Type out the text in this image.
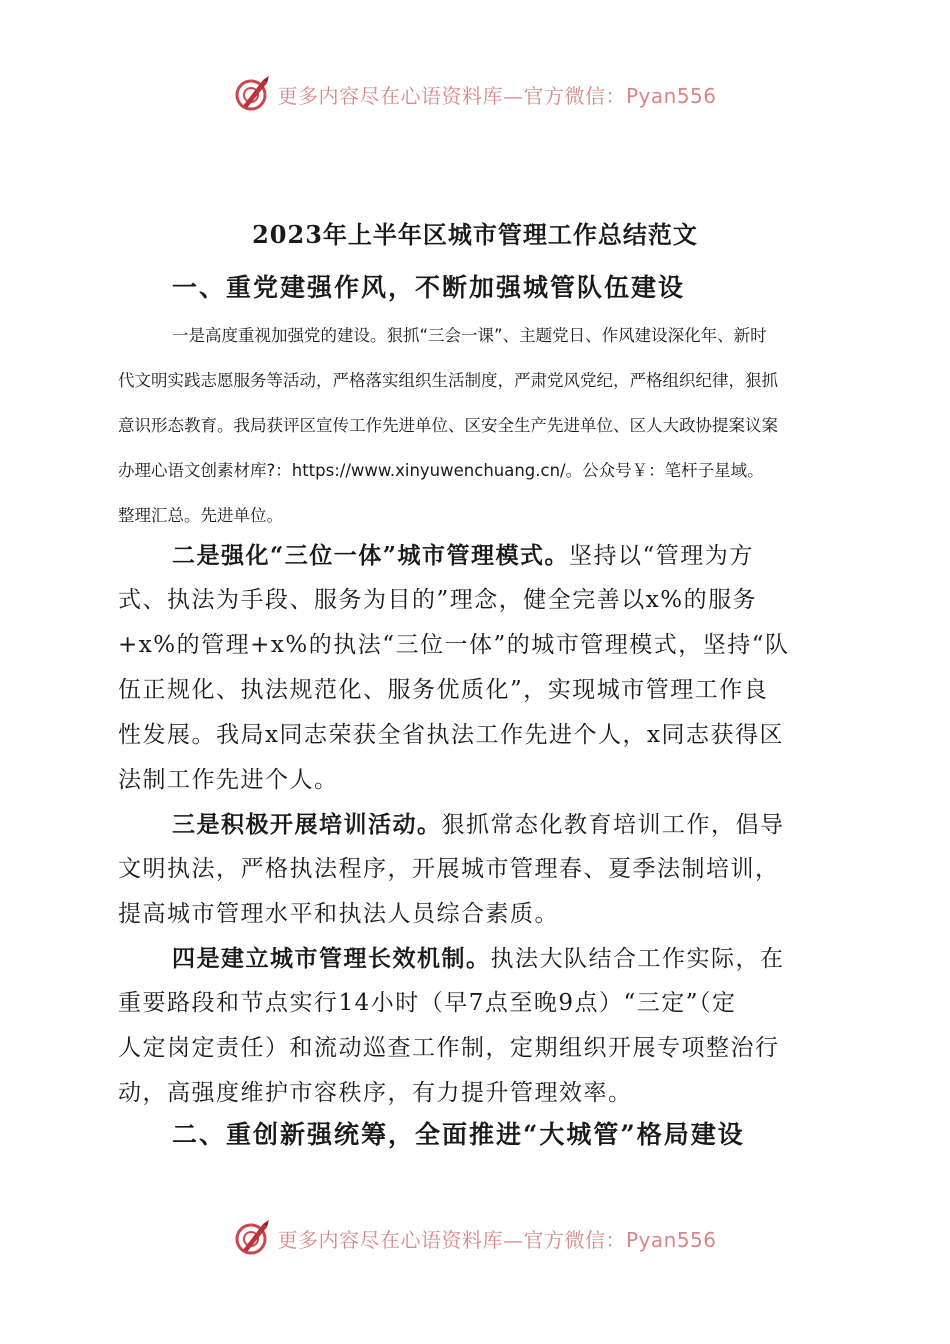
更多内容尽在心语资料库—官方微信：Pyan556
2023年上半年区城市管理工作总结范文
一、重党建强作风，不断加强城管队伍建设
一是高度重视加强党的建设。狠抓“三会一课”、主题党日、作风建设深化年、新时
代文明实践志愿服务等活动，严格落实组织生活制度，严肃党风党纪，严格组织纪律，狠抓
意识形态教育。我局获评区宣传工作先进单位、区安全生产先进单位、区人大政协提案议案
办理心语文创素材库?：https://www.xinyuwenchuang.cn/。公众号￥：笔杆子星域。
整理汇总。先进单位。
二是强化“三位一体”城市管理模式。坚持以“管理为方
式、执法为手段、服务为目的”理念，健全完善以x%的服务
+x%的管理+x%的执法“三位一体”的城市管理模式，坚持“队
伍正规化、执法规范化、服务优质化”，实现城市管理工作良
性发展。我局x同志荣获全省执法工作先进个人，x同志获得区
法制工作先进个人。
三是积极开展培训活动。狠抓常态化教育培训工作，倡导
文明执法，严格执法程序，开展城市管理春、夏季法制培训，
提高城市管理水平和执法人员综合素质。
四是建立城市管理长效机制。执法大队结合工作实际，在
重要路段和节点实行14小时（早7点至晚9点）“三定”（定
人定岗定责任）和流动巡查工作制，定期组织开展专项整治行
动，高强度维护市容秩序，有力提升管理效率。
二、重创新强统筹，全面推进“大城管”格局建设
更多内容尽在心语资料库—官方微信：Pyan556
